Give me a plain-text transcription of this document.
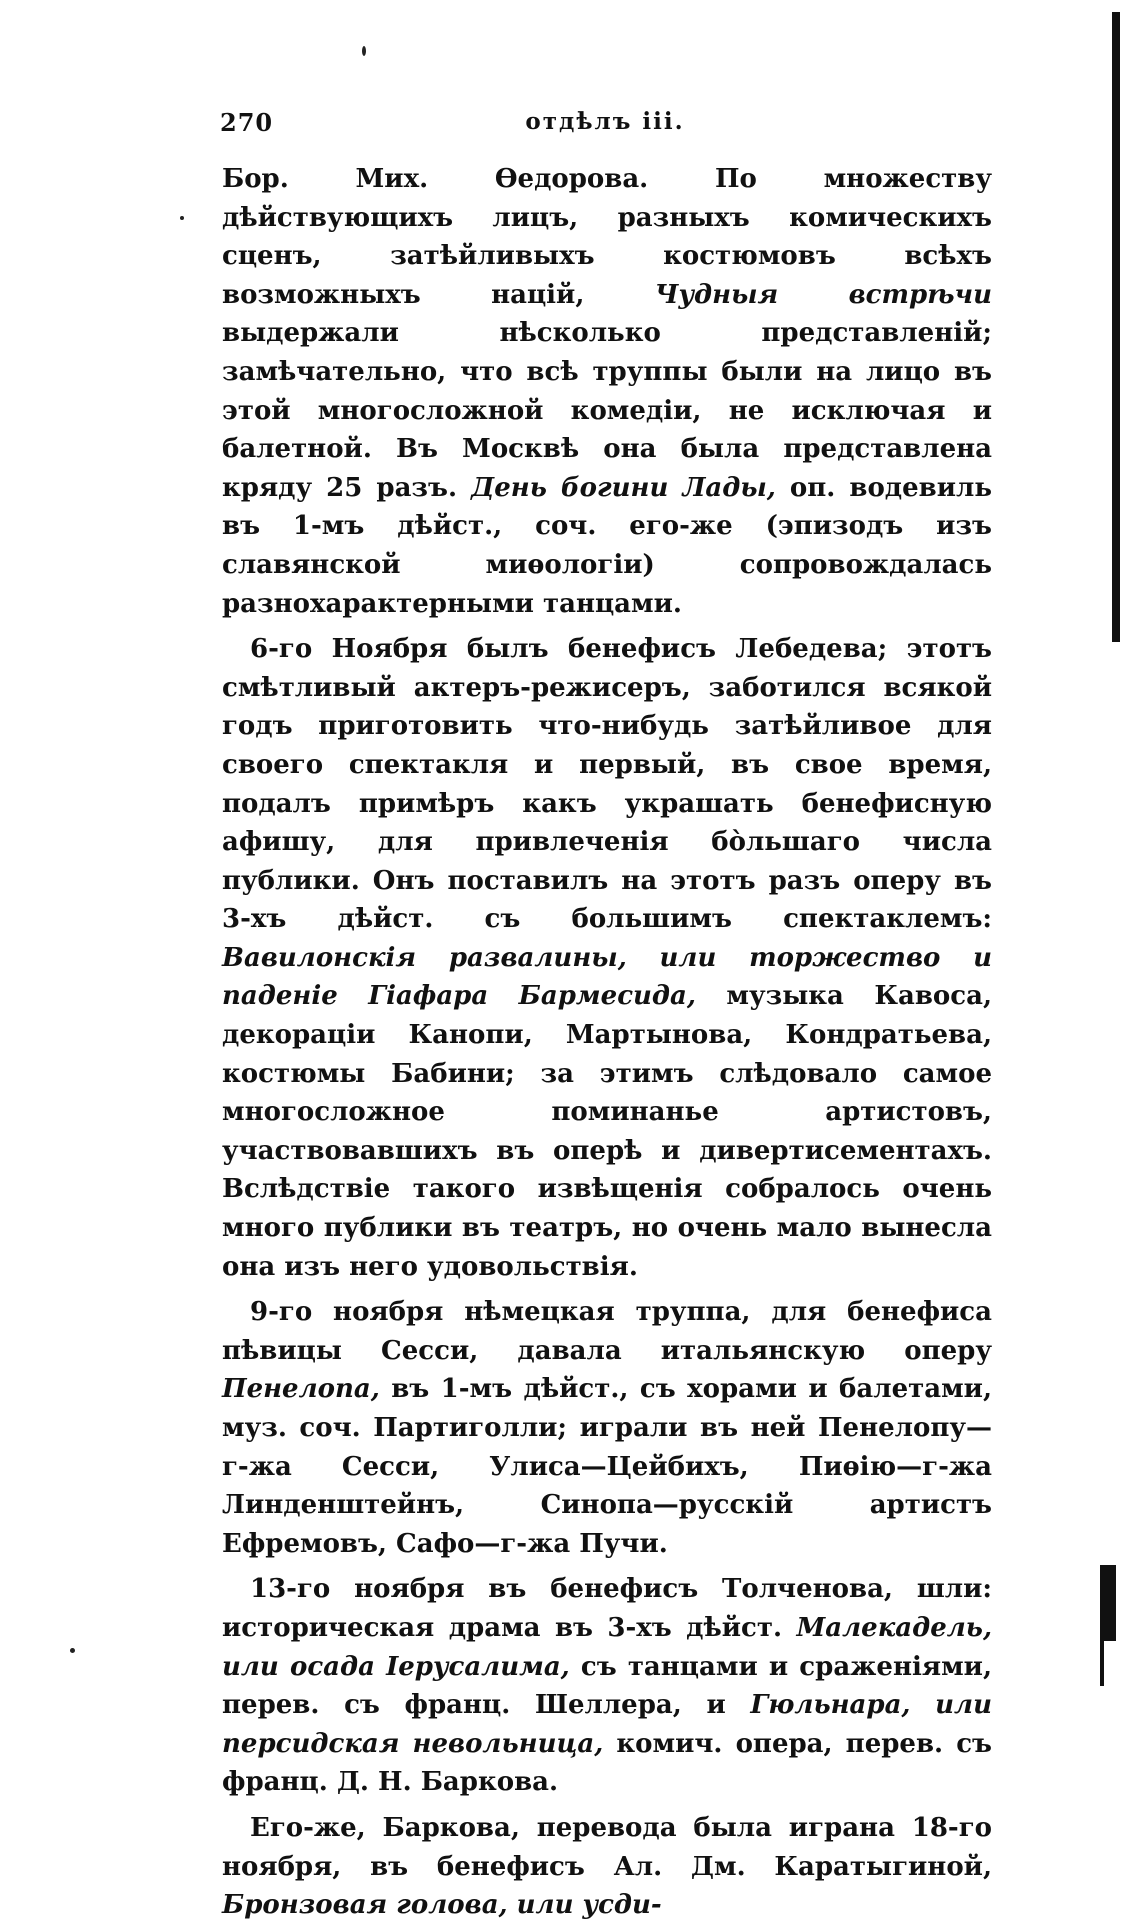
270	отдѣлъ ііі.

Бор. Мих. Ѳедорова. По множеству дѣйствующихъ лицъ, разныхъ комическихъ сценъ, затѣйливыхъ костюмовъ всѣхъ возможныхъ націй, Чудныя встрѣчи выдержали нѣсколько представленій; замѣчательно, что всѣ труппы были на лицо въ этой многосложной комедіи, не исключая и балетной. Въ Москвѣ она была представлена кряду 25 разъ. День богини Лады, оп. водевиль въ 1-мъ дѣйст., соч. его-же (эпизодъ изъ славянской миѳологіи) сопровождалась разнохарактерными танцами.

6-го Ноября былъ бенефисъ Лебедева; этотъ смѣтливый актеръ-режисеръ, заботился всякой годъ приготовить что-нибудь затѣйливое для своего спектакля и первый, въ свое время, подалъ примѣръ какъ украшать бенефисную афишу, для привлеченія бòльшаго числа публики. Онъ поставилъ на этотъ разъ оперу въ 3-хъ дѣйст. съ большимъ спектаклемъ: Вавилонскія развалины, или торжество и паденіе Гіафара Бармесида, музыка Кавоса, декораціи Канопи, Мартынова, Кондратьева, костюмы Бабини; за этимъ слѣдовало самое многосложное поминанье артистовъ, участвовавшихъ въ оперѣ и дивертисементахъ. Вслѣдствіе такого извѣщенія собралось очень много публики въ театръ, но очень мало вынесла она изъ него удовольствія.

9-го ноября нѣмецкая труппа, для бенефиса пѣвицы Сесси, давала итальянскую оперу Пенелопа, въ 1-мъ дѣйст., съ хорами и балетами, муз. соч. Партиголли; играли въ ней Пенелопу—г-жа Сесси, Улиса—Цейбихъ, Пиѳію—г-жа Линденштейнъ, Синопа—русскій артистъ Ефремовъ, Сафо—г-жа Пучи.

13-го ноября въ бенефисъ Толченова, шли: историческая драма въ 3-хъ дѣйст. Малекадель, или осада Іерусалима, съ танцами и сраженіями, перев. съ франц. Шеллера, и Гюльнара, или персидская невольница, комич. опера, перев. съ франц. Д. Н. Баркова.

Его-же, Баркова, перевода была играна 18-го ноября, въ бенефисъ Ал. Дм. Каратыгиной, Бронзовая голова, или усди-
